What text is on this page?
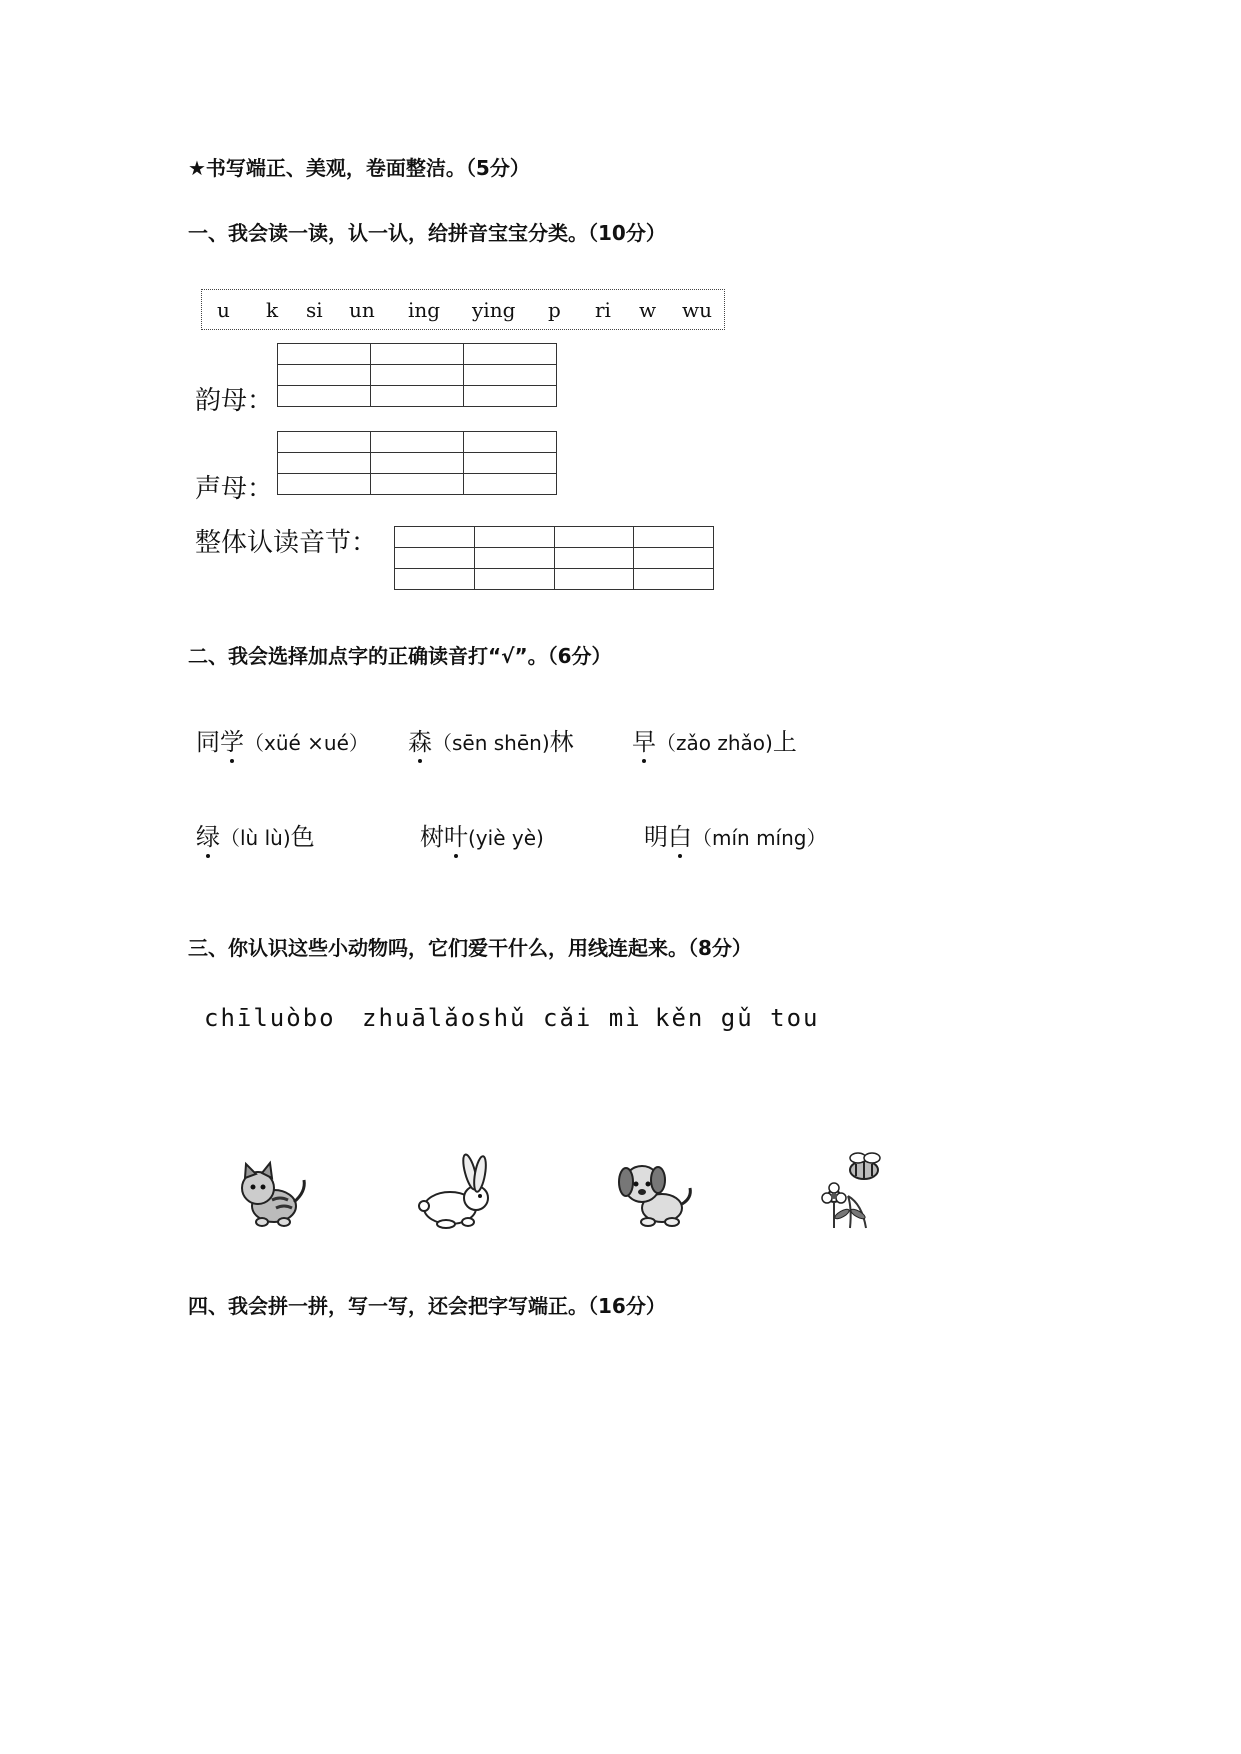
★书写端正、美观，卷面整洁。（5分）
一、我会读一读，认一认，给拼音宝宝分类。（10分）
u k si un ing ying p ri w wu
韵母：

声母：

整体认读音节：

二、我会选择加点字的正确读音打“√”。（6分）
同学（xüé ×ué） 森（sēn shēn)林 早（zǎo zhǎo)上
绿（lù lù)色	树叶(yiè yè)	明白（mín míng）
三、你认识这些小动物吗，它们爱干什么，用线连起来。（8分）
chīluòbo zhuālǎoshǔ cǎi mì kěn gǔ tou
四、我会拼一拼，写一写，还会把字写端正。（16分）
